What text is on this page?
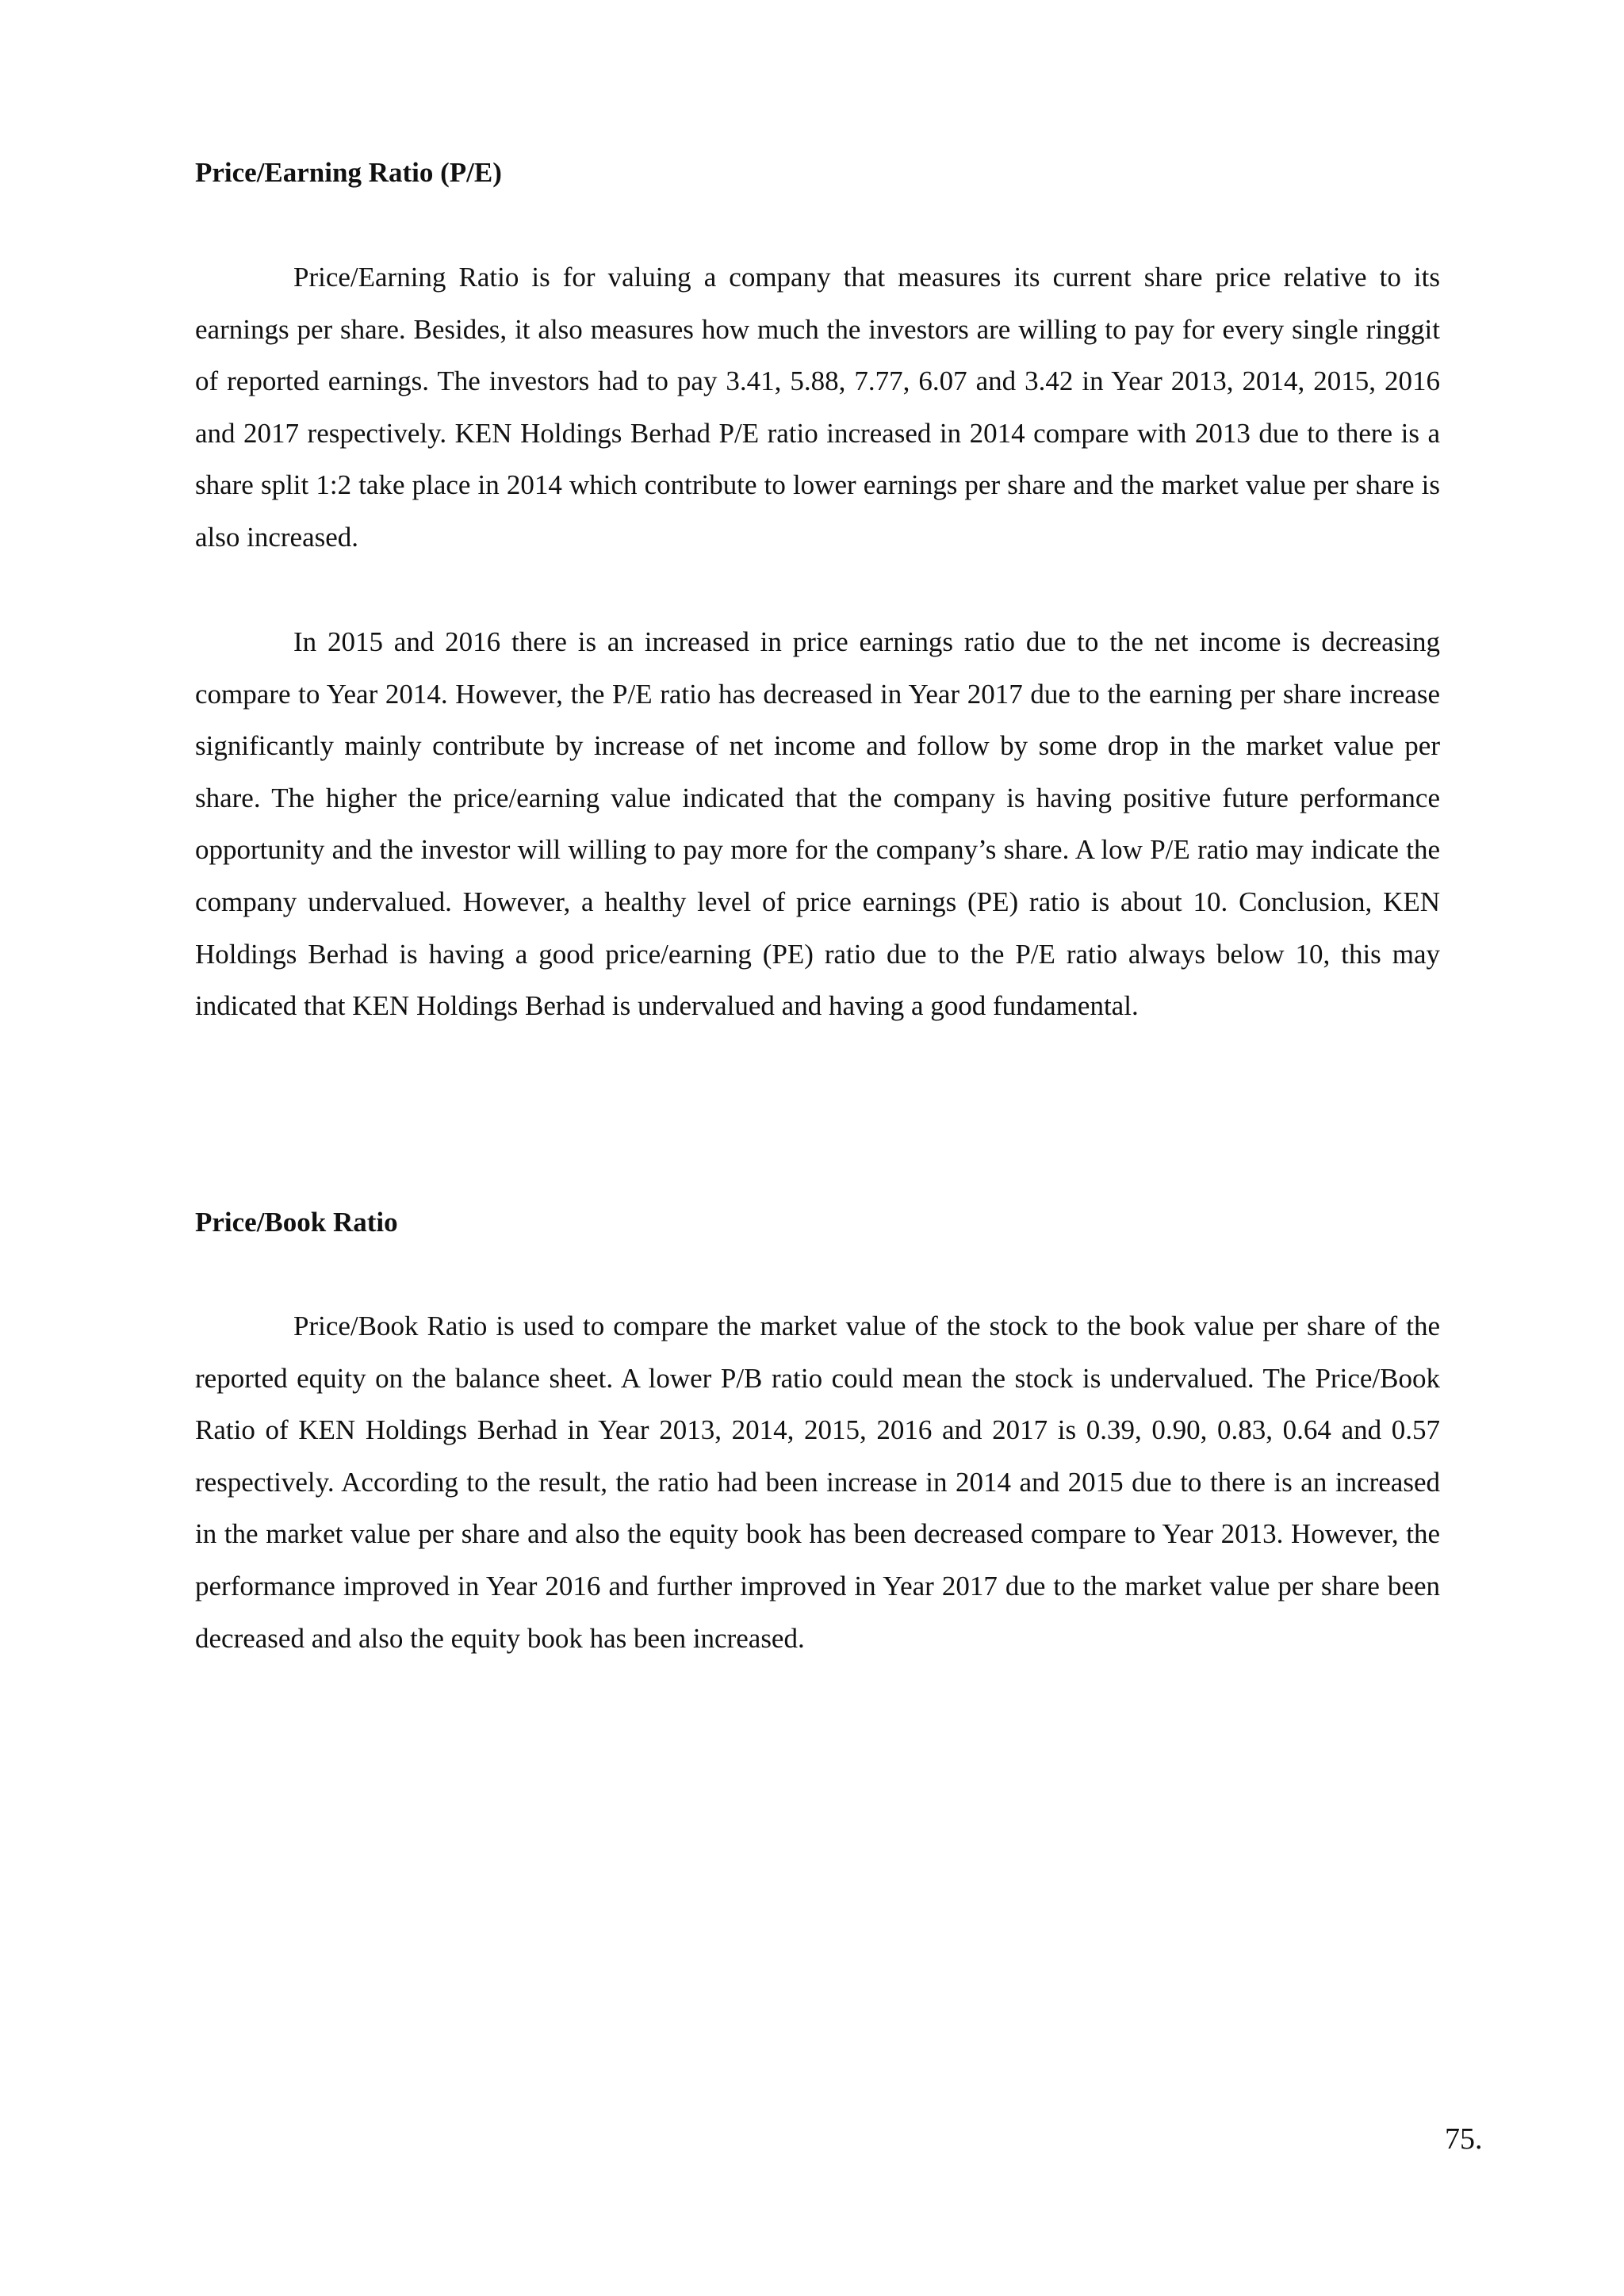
Price/Earning Ratio (P/E)

Price/Earning Ratio is for valuing a company that measures its current share price relative to its earnings per share. Besides, it also measures how much the investors are willing to pay for every single ringgit of reported earnings. The investors had to pay 3.41, 5.88, 7.77, 6.07 and 3.42 in Year 2013, 2014, 2015, 2016 and 2017 respectively. KEN Holdings Berhad P/E ratio increased in 2014 compare with 2013 due to there is a share split 1:2 take place in 2014 which contribute to lower earnings per share and the market value per share is also increased.

In 2015 and 2016 there is an increased in price earnings ratio due to the net income is decreasing compare to Year 2014. However, the P/E ratio has decreased in Year 2017 due to the earning per share increase significantly mainly contribute by increase of net income and follow by some drop in the market value per share. The higher the price/earning value indicated that the company is having positive future performance opportunity and the investor will willing to pay more for the company’s share. A low P/E ratio may indicate the company undervalued. However, a healthy level of price earnings (PE) ratio is about 10. Conclusion, KEN Holdings Berhad is having a good price/earning (PE) ratio due to the P/E ratio always below 10, this may indicated that KEN Holdings Berhad is undervalued and having a good fundamental.

Price/Book Ratio

Price/Book Ratio is used to compare the market value of the stock to the book value per share of the reported equity on the balance sheet. A lower P/B ratio could mean the stock is undervalued. The Price/Book Ratio of KEN Holdings Berhad in Year 2013, 2014, 2015, 2016 and 2017 is 0.39, 0.90, 0.83, 0.64 and 0.57 respectively. According to the result, the ratio had been increase in 2014 and 2015 due to there is an increased in the market value per share and also the equity book has been decreased compare to Year 2013. However, the performance improved in Year 2016 and further improved in Year 2017 due to the market value per share been decreased and also the equity book has been increased.

75.
